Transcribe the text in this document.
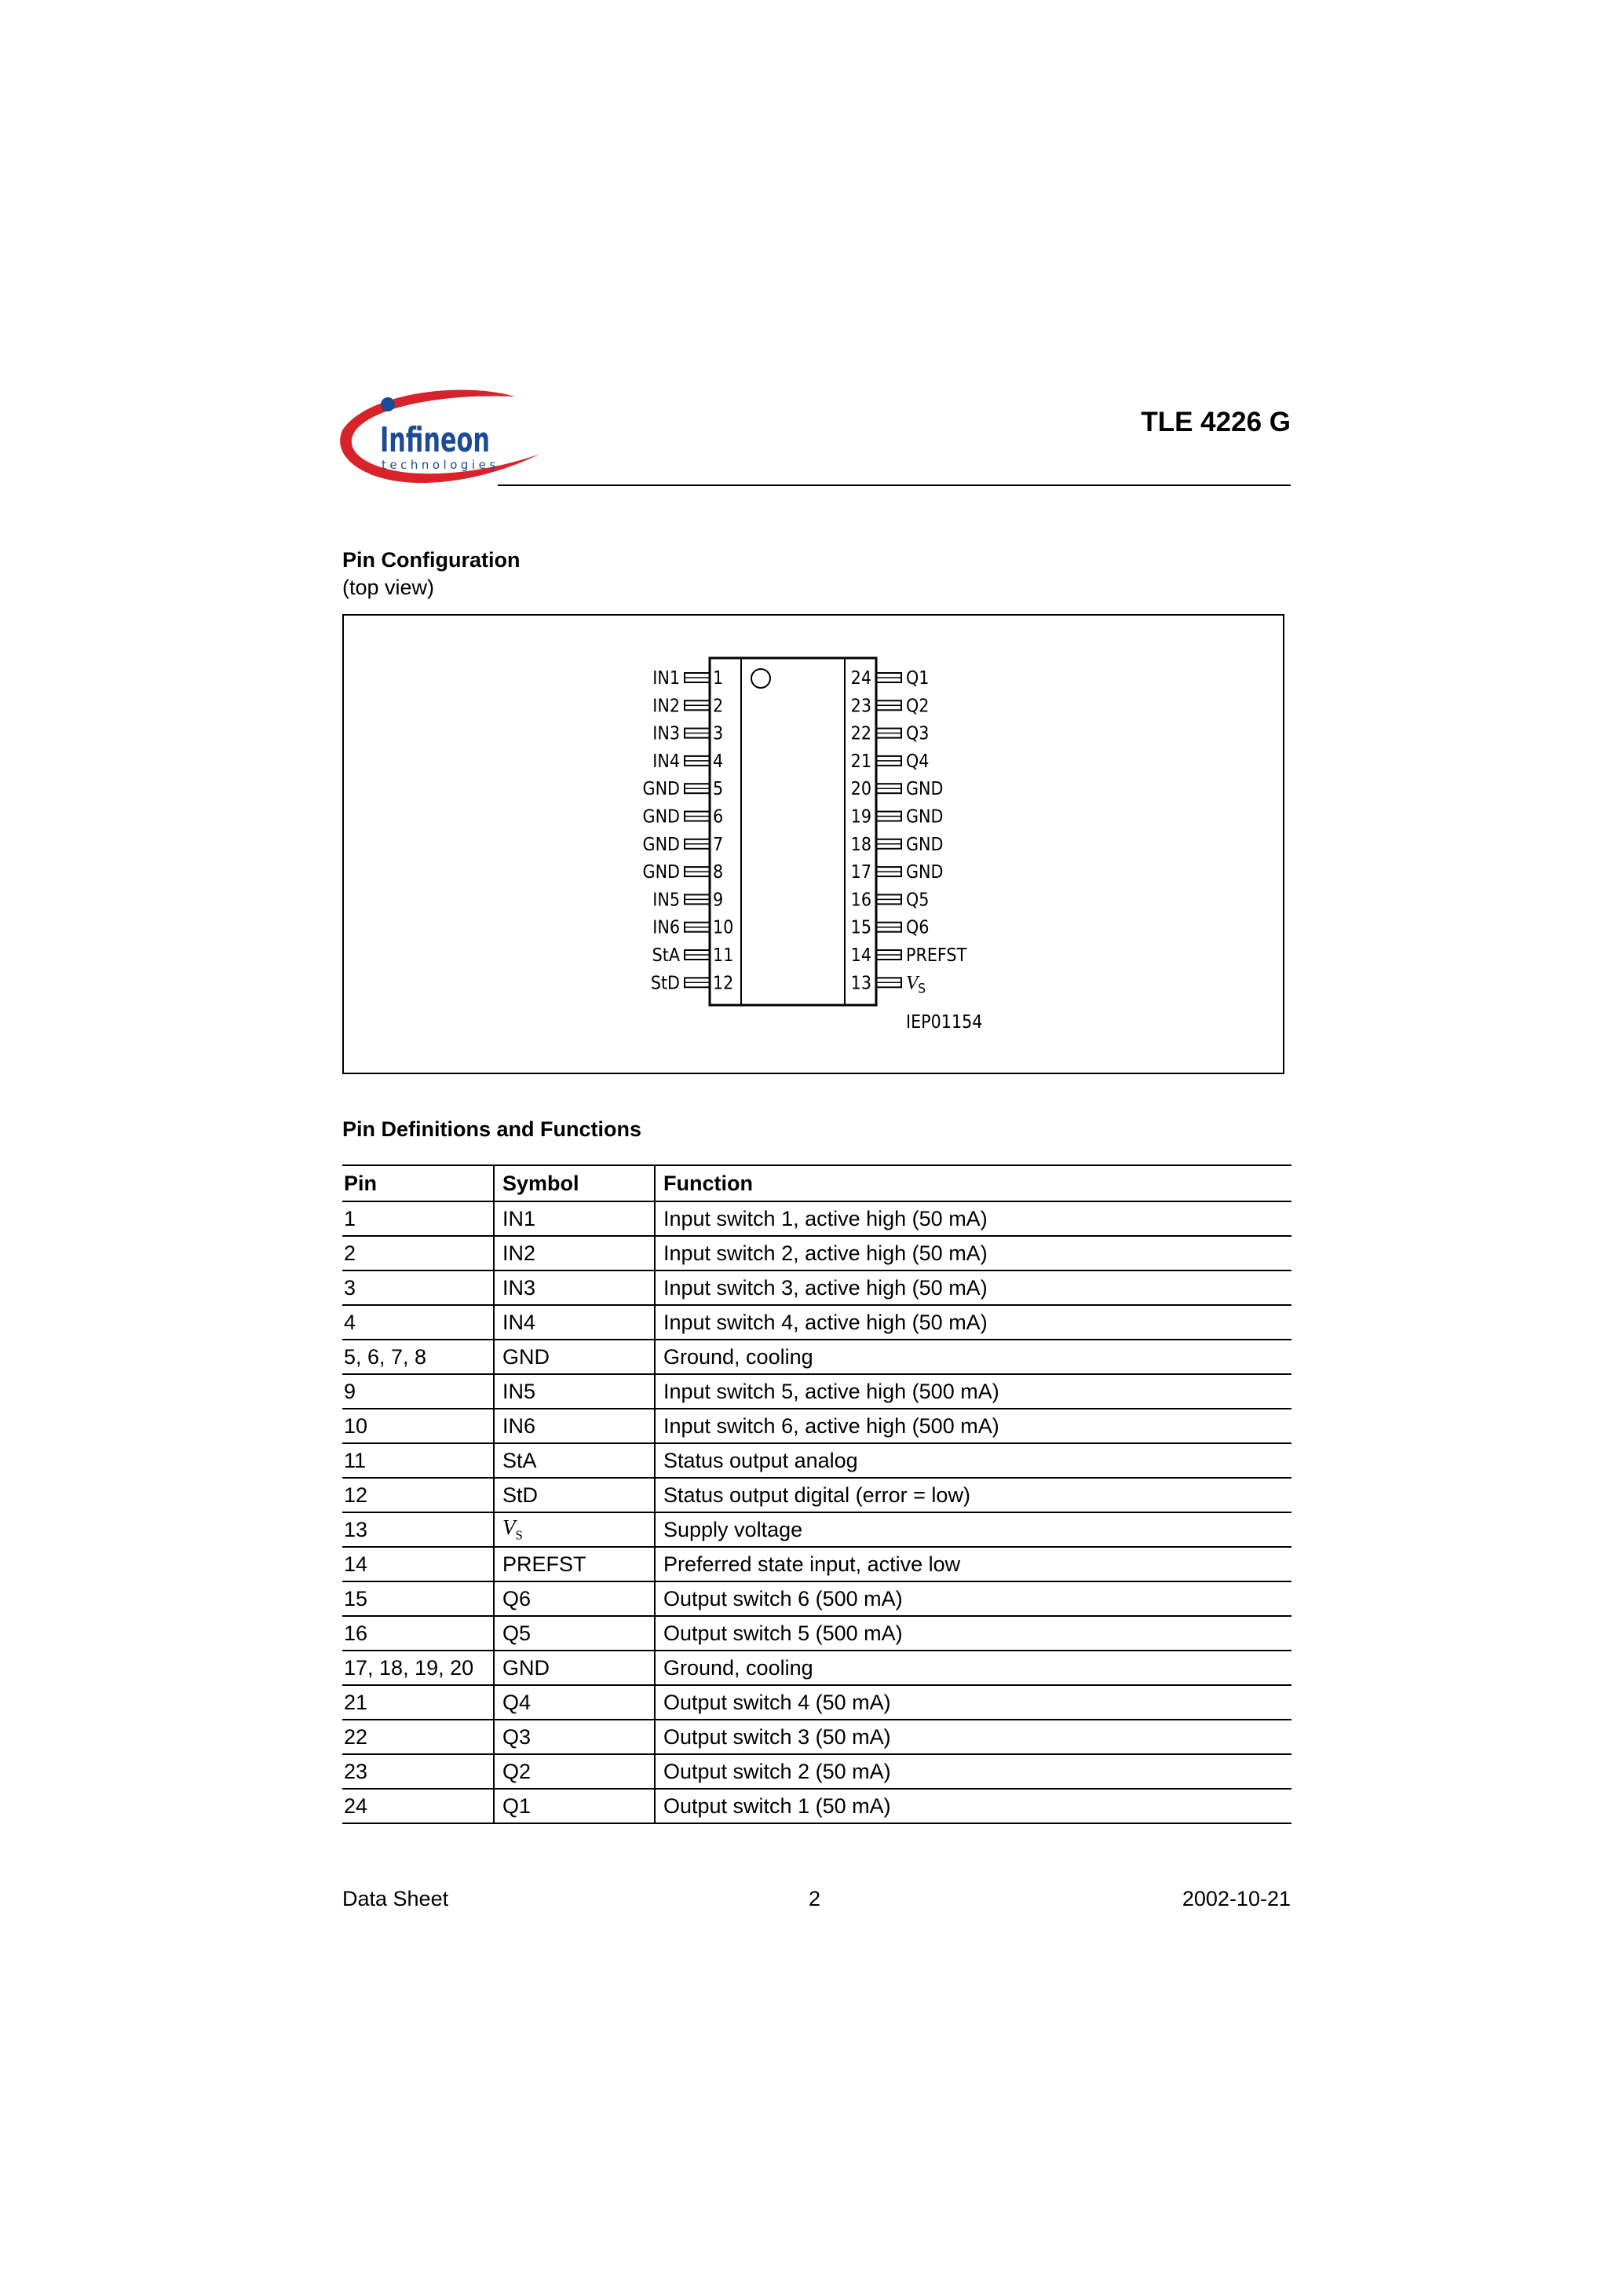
Infineon
technologies
TLE 4226 G
Pin Configuration
(top view)
IN1 1
IN2 2
IN3 3
IN4 4
GND 5
GND 6
GND 7
GND 8
IN5 9
IN6 10
StA 11
StD 12
24 Q1
23 Q2
22 Q3
21 Q4
20 GND
19 GND
18 GND
17 GND
16 Q5
15 Q6
14 PREFST
13 $V_S$
IEP01154
Pin Definitions and Functions
Pin	Symbol	Function
1	IN1	Input switch 1, active high (50 mA)
2	IN2	Input switch 2, active high (50 mA)
3	IN3	Input switch 3, active high (50 mA)
4	IN4	Input switch 4, active high (50 mA)
5, 6, 7, 8	GND	Ground, cooling
9	IN5	Input switch 5, active high (500 mA)
10	IN6	Input switch 6, active high (500 mA)
11	StA	Status output analog
12	StD	Status output digital (error = low)
13	$V_S$	Supply voltage
14	PREFST	Preferred state input, active low
15	Q6	Output switch 6 (500 mA)
16	Q5	Output switch 5 (500 mA)
17, 18, 19, 20	GND	Ground, cooling
21	Q4	Output switch 4 (50 mA)
22	Q3	Output switch 3 (50 mA)
23	Q2	Output switch 2 (50 mA)
24	Q1	Output switch 1 (50 mA)
Data Sheet	2	2002-10-21
